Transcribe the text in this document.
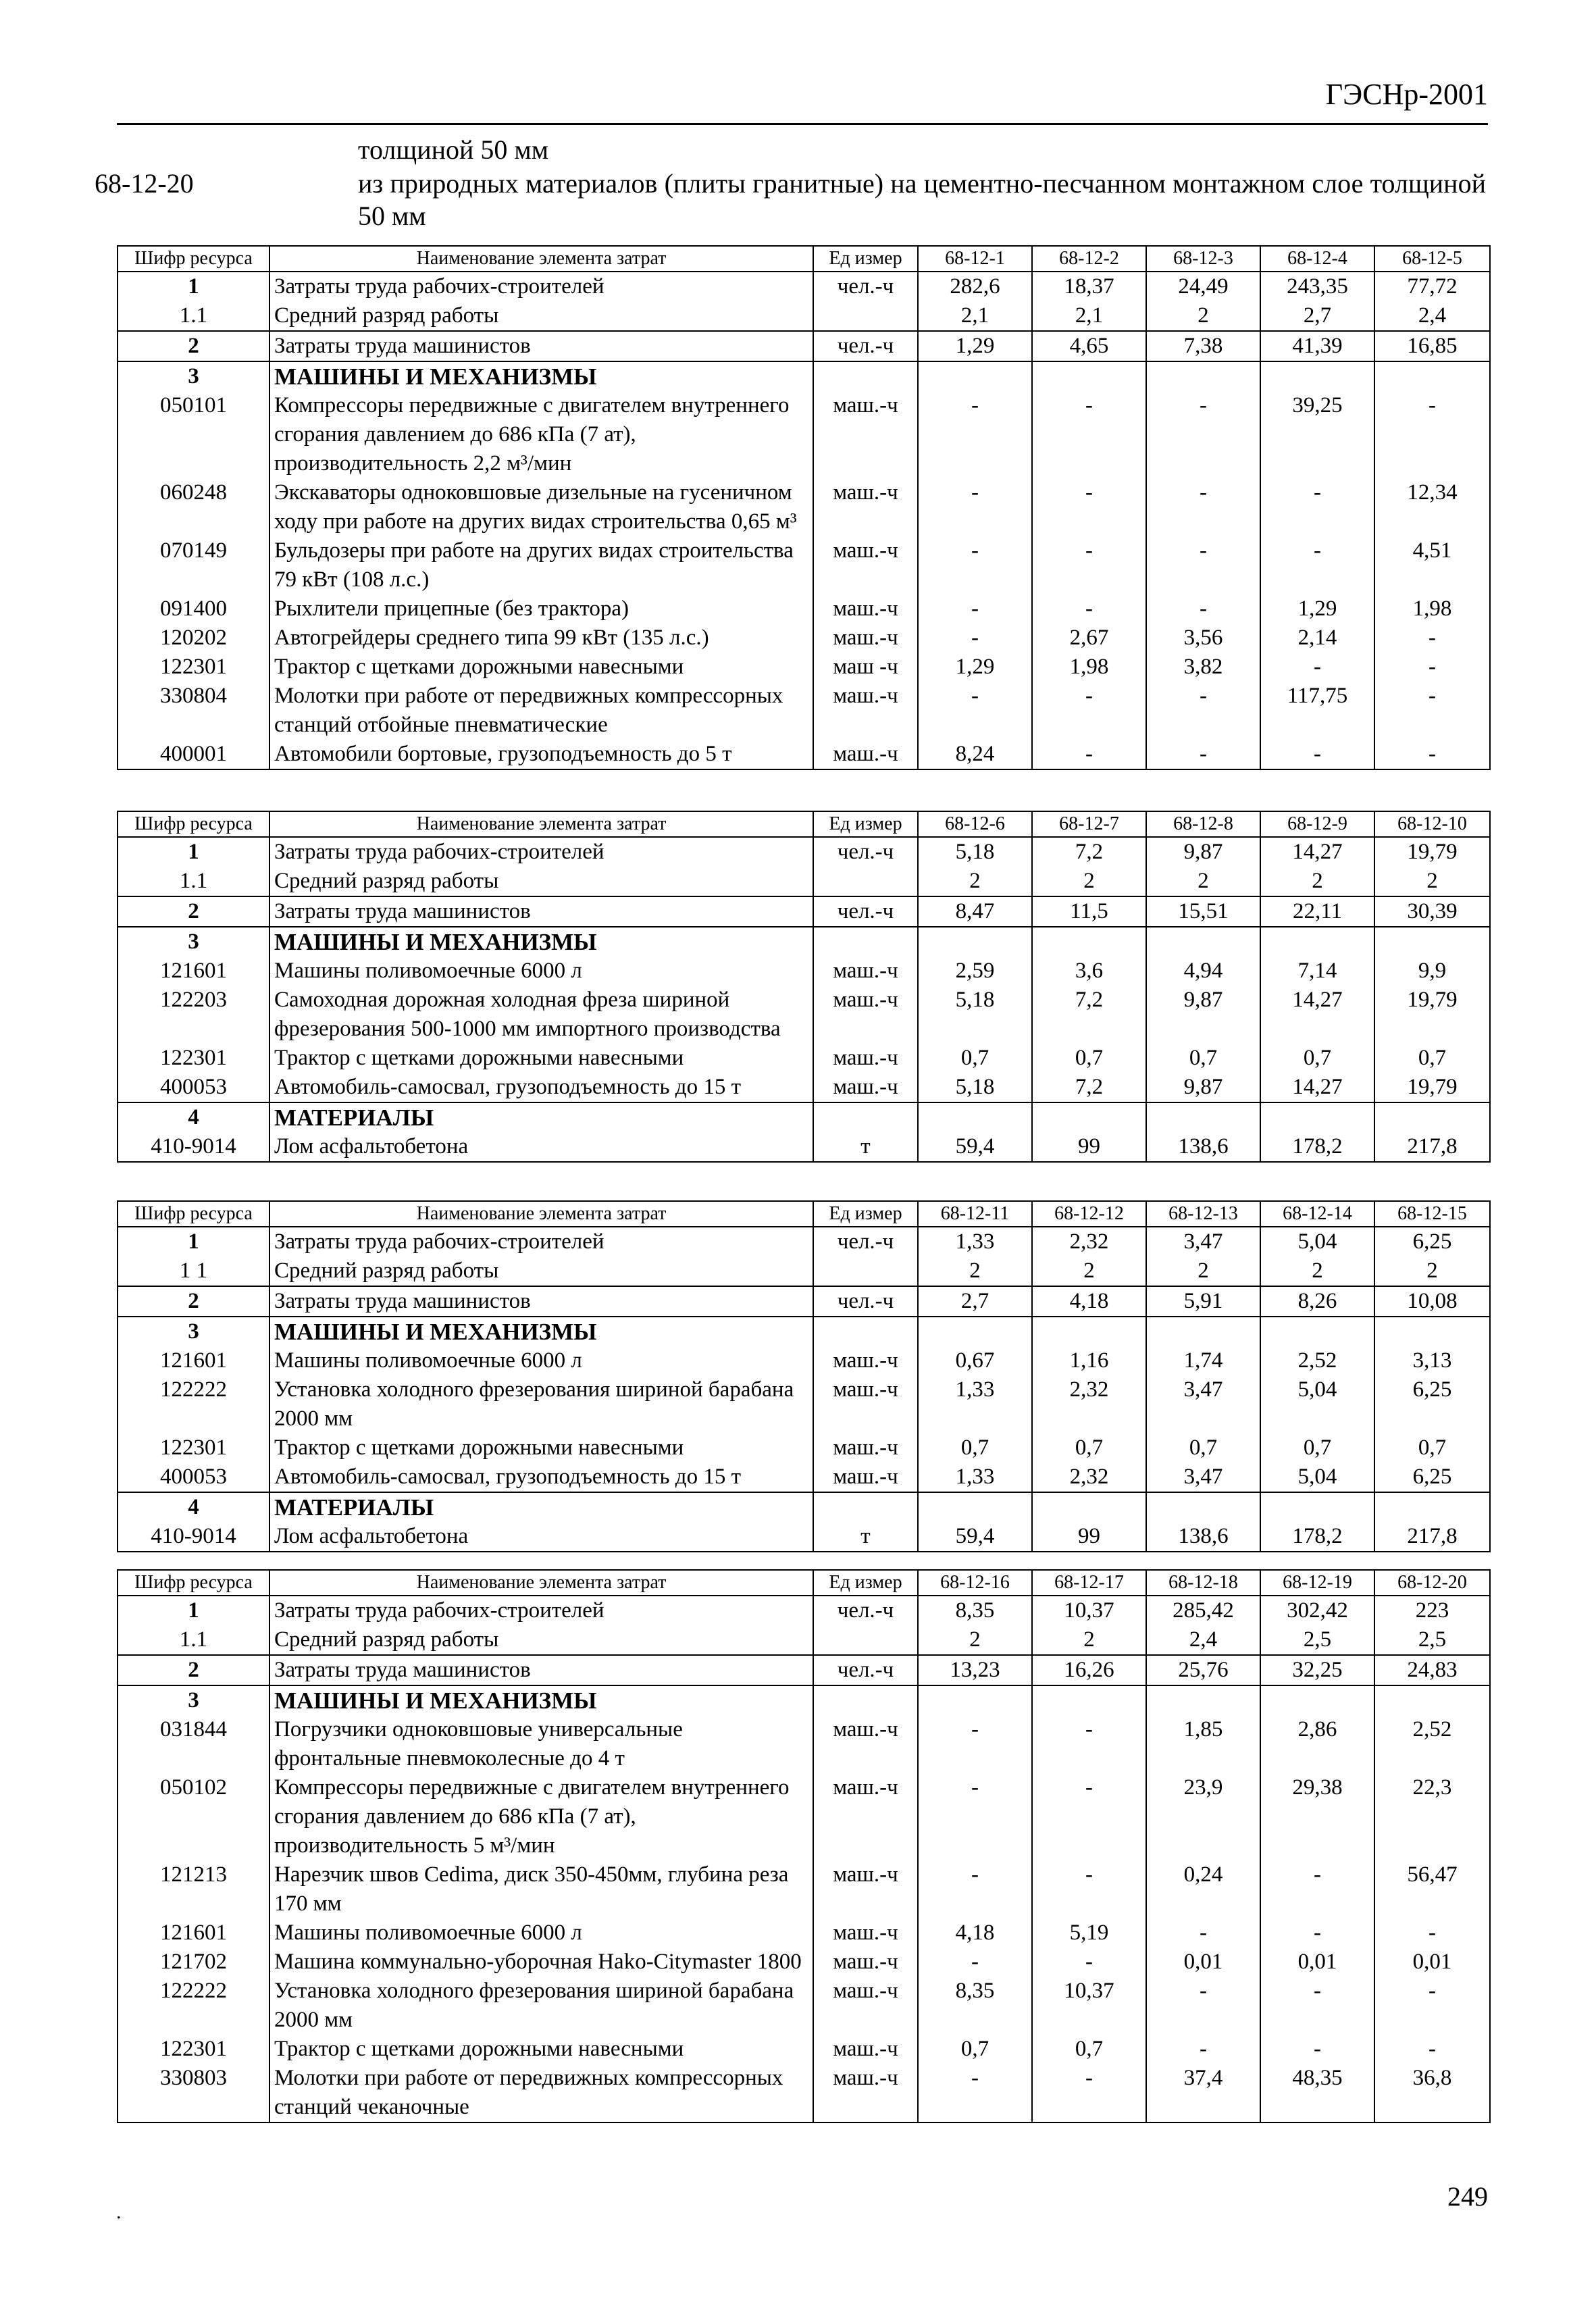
ГЭСНр-2001
толщиной 50 мм
68-12-20	из природных материалов (плиты гранитные) на цементно-песчанном монтажном слое толщиной 50 мм
Шифр ресурса	Наименование элемента затрат	Ед измер	68-12-1	68-12-2	68-12-3	68-12-4	68-12-5
1	Затраты труда рабочих-строителей	чел.-ч	282,6	18,37	24,49	243,35	77,72
1.1	Средний разряд работы		2,1	2,1	2	2,7	2,4
2	Затраты труда машинистов	чел.-ч	1,29	4,65	7,38	41,39	16,85
3	МАШИНЫ И МЕХАНИЗМЫ						
050101	Компрессоры передвижные с двигателем внутреннего сгорания давлением до 686 кПа (7 ат), производительность 2,2 м³/мин	маш.-ч	-	-	-	39,25	-
060248	Экскаваторы одноковшовые дизельные на гусеничном ходу при работе на других видах строительства 0,65 м³	маш.-ч	-	-	-	-	12,34
070149	Бульдозеры при работе на других видах строительства 79 кВт (108 л.с.)	маш.-ч	-	-	-	-	4,51
091400	Рыхлители прицепные (без трактора)	маш.-ч	-	-	-	1,29	1,98
120202	Автогрейдеры среднего типа 99 кВт (135 л.с.)	маш.-ч	-	2,67	3,56	2,14	-
122301	Трактор с щетками дорожными навесными	маш -ч	1,29	1,98	3,82	-	-
330804	Молотки при работе от передвижных компрессорных станций отбойные пневматические	маш.-ч	-	-	-	117,75	-
400001	Автомобили бортовые, грузоподъемность до 5 т	маш.-ч	8,24	-	-	-	-
Шифр ресурса	Наименование элемента затрат	Ед измер	68-12-6	68-12-7	68-12-8	68-12-9	68-12-10
1	Затраты труда рабочих-строителей	чел.-ч	5,18	7,2	9,87	14,27	19,79
1.1	Средний разряд работы		2	2	2	2	2
2	Затраты труда машинистов	чел.-ч	8,47	11,5	15,51	22,11	30,39
3	МАШИНЫ И МЕХАНИЗМЫ						
121601	Машины поливомоечные 6000 л	маш.-ч	2,59	3,6	4,94	7,14	9,9
122203	Самоходная дорожная холодная фреза шириной фрезерования 500-1000 мм импортного производства	маш.-ч	5,18	7,2	9,87	14,27	19,79
122301	Трактор с щетками дорожными навесными	маш.-ч	0,7	0,7	0,7	0,7	0,7
400053	Автомобиль-самосвал, грузоподъемность до 15 т	маш.-ч	5,18	7,2	9,87	14,27	19,79
4	МАТЕРИАЛЫ						
410-9014	Лом асфальтобетона	т	59,4	99	138,6	178,2	217,8
Шифр ресурса	Наименование элемента затрат	Ед измер	68-12-11	68-12-12	68-12-13	68-12-14	68-12-15
1	Затраты труда рабочих-строителей	чел.-ч	1,33	2,32	3,47	5,04	6,25
1 1	Средний разряд работы		2	2	2	2	2
2	Затраты труда машинистов	чел.-ч	2,7	4,18	5,91	8,26	10,08
3	МАШИНЫ И МЕХАНИЗМЫ						
121601	Машины поливомоечные 6000 л	маш.-ч	0,67	1,16	1,74	2,52	3,13
122222	Установка холодного фрезерования шириной барабана 2000 мм	маш.-ч	1,33	2,32	3,47	5,04	6,25
122301	Трактор с щетками дорожными навесными	маш.-ч	0,7	0,7	0,7	0,7	0,7
400053	Автомобиль-самосвал, грузоподъемность до 15 т	маш.-ч	1,33	2,32	3,47	5,04	6,25
4	МАТЕРИАЛЫ						
410-9014	Лом асфальтобетона	т	59,4	99	138,6	178,2	217,8
Шифр ресурса	Наименование элемента затрат	Ед измер	68-12-16	68-12-17	68-12-18	68-12-19	68-12-20
1	Затраты труда рабочих-строителей	чел.-ч	8,35	10,37	285,42	302,42	223
1.1	Средний разряд работы		2	2	2,4	2,5	2,5
2	Затраты труда машинистов	чел.-ч	13,23	16,26	25,76	32,25	24,83
3	МАШИНЫ И МЕХАНИЗМЫ						
031844	Погрузчики одноковшовые универсальные фронтальные пневмоколесные до 4 т	маш.-ч	-	-	1,85	2,86	2,52
050102	Компрессоры передвижные с двигателем внутреннего сгорания давлением до 686 кПа (7 ат), производительность 5 м³/мин	маш.-ч	-	-	23,9	29,38	22,3
121213	Нарезчик швов Cedima, диск 350-450мм, глубина реза 170 мм	маш.-ч	-	-	0,24	-	56,47
121601	Машины поливомоечные 6000 л	маш.-ч	4,18	5,19	-	-	-
121702	Машина коммунально-уборочная Hako-Citymaster 1800	маш.-ч	-	-	0,01	0,01	0,01
122222	Установка холодного фрезерования шириной барабана 2000 мм	маш.-ч	8,35	10,37	-	-	-
122301	Трактор с щетками дорожными навесными	маш.-ч	0,7	0,7	-	-	-
330803	Молотки при работе от передвижных компрессорных станций чеканочные	маш.-ч	-	-	37,4	48,35	36,8
.
249
